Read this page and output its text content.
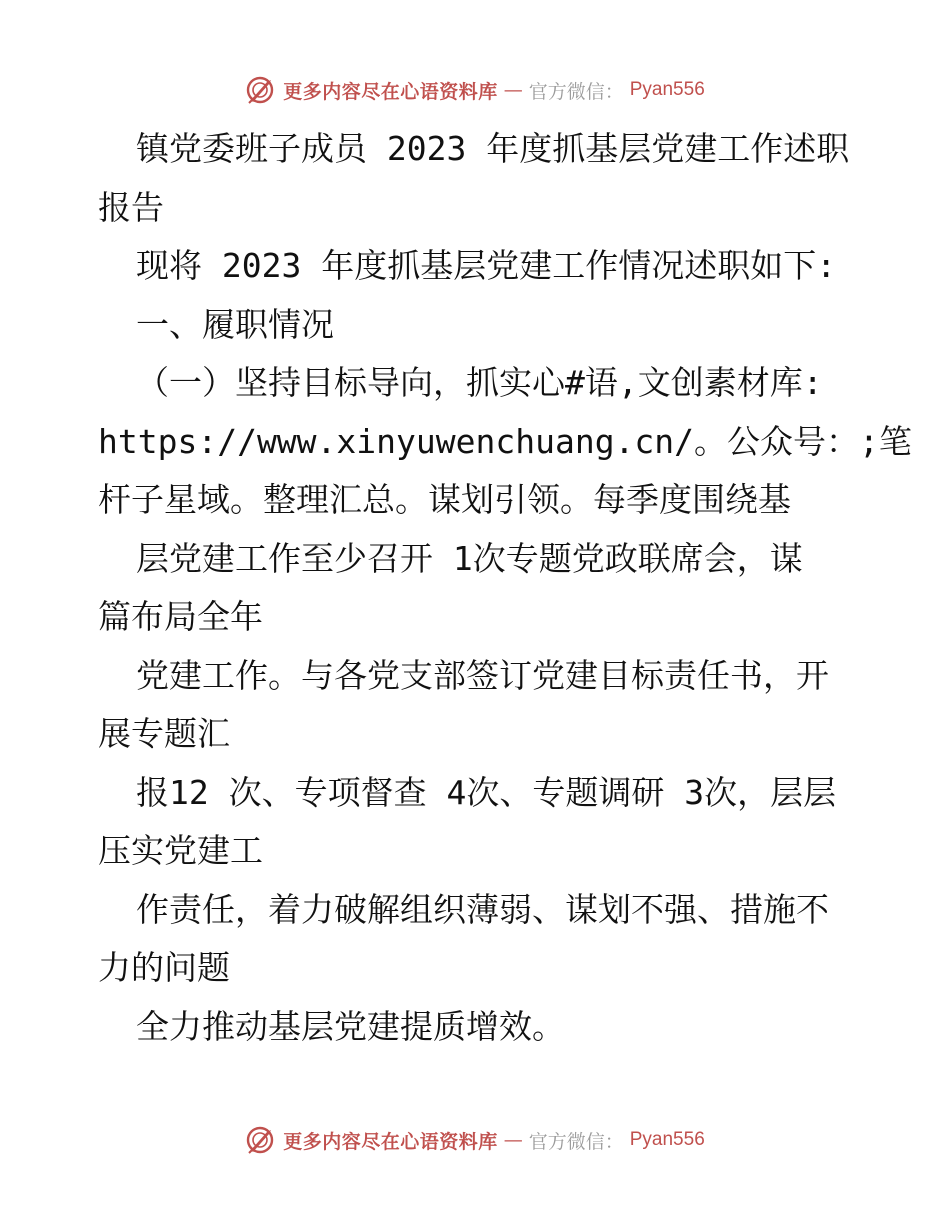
更多内容尽在心语资料库 — 官方微信： Pyan556
镇党委班子成员 2023 年度抓基层党建工作述职
报告
现将 2023 年度抓基层党建工作情况述职如下:
一、履职情况
（一）坚持目标导向，抓实心#语,文创素材库:
https://www.xinyuwenchuang.cn/。公众号：;笔
杆子星域。整理汇总。谋划引领。每季度围绕基
层党建工作至少召开 1次专题党政联席会，谋
篇布局全年
党建工作。与各党支部签订党建目标责任书，开
展专题汇
报12 次、专项督查 4次、专题调研 3次，层层
压实党建工
作责任，着力破解组织薄弱、谋划不强、措施不
力的问题
全力推动基层党建提质增效。
更多内容尽在心语资料库 — 官方微信： Pyan556
